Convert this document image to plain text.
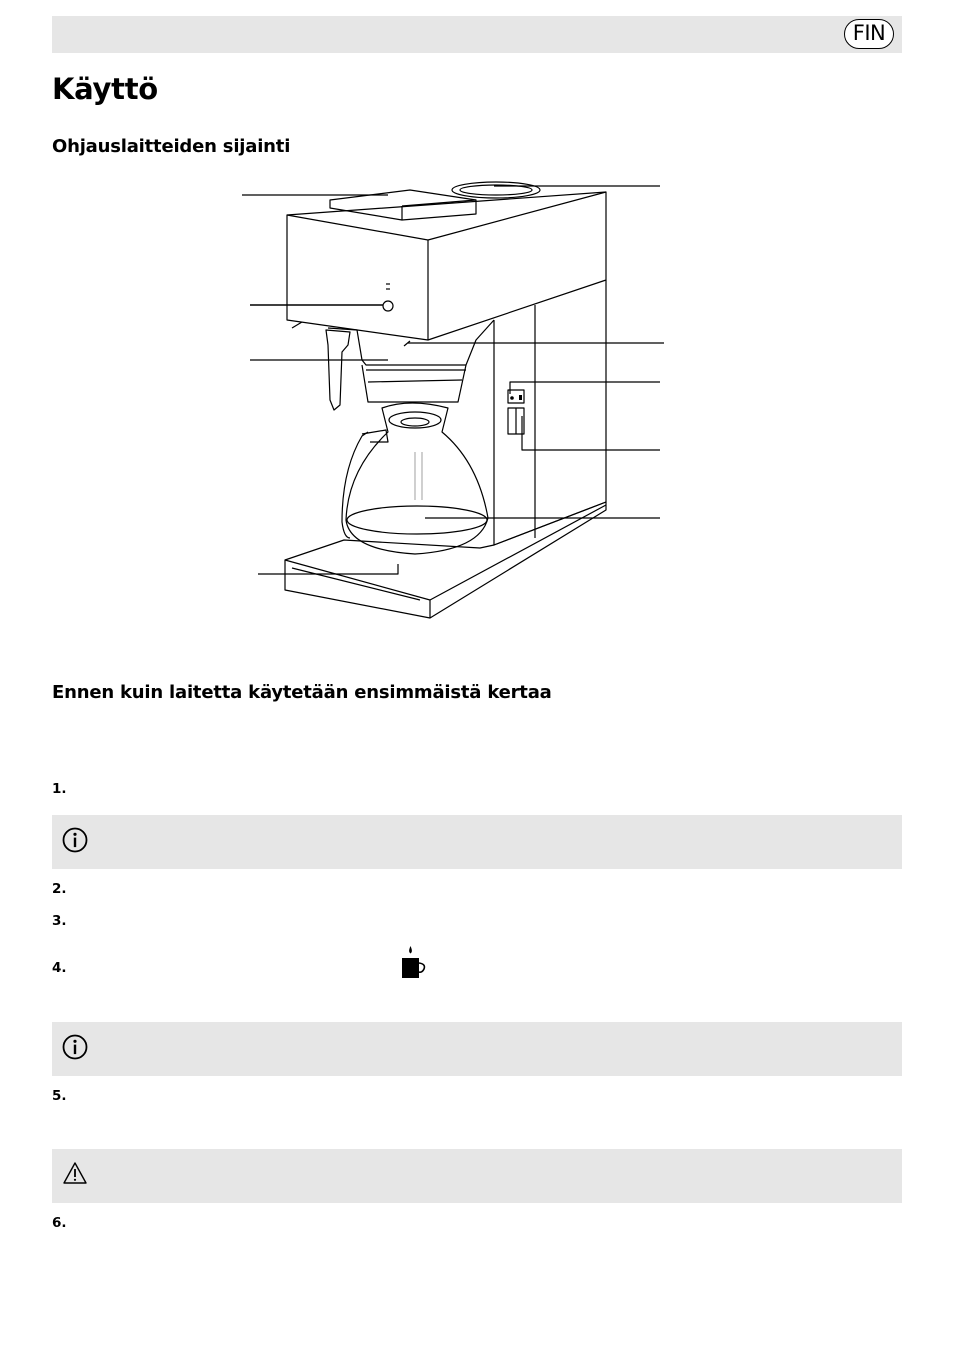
FIN
Käyttö
Ohjauslaitteiden sijainti
Ennen kuin laitetta käytetään ensimmäistä kertaa
1.
2.
3.
4.
5.
6.
